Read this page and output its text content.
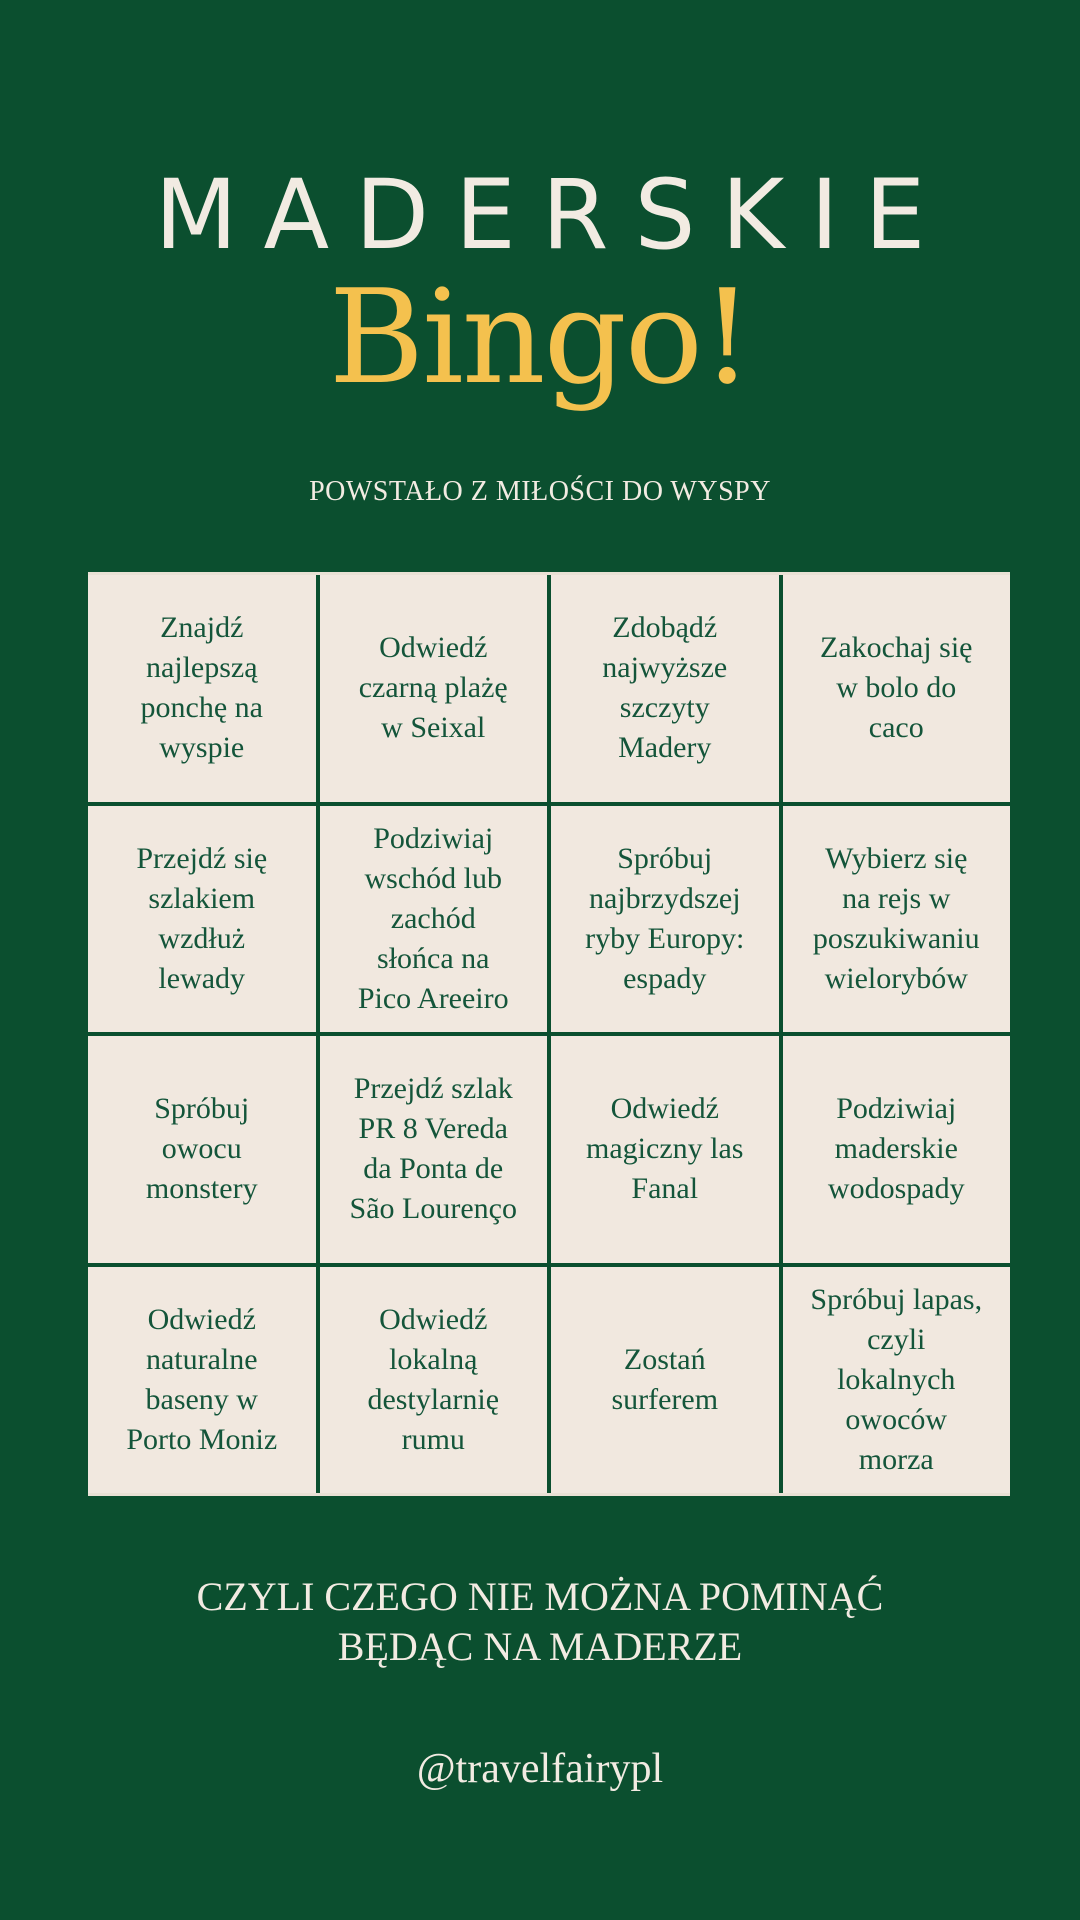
MADERSKIE
Bingo!
POWSTAŁO Z MIŁOŚCI DO WYSPY
Znajdź
najlepszą
ponchę na
wyspie
Odwiedź
czarną plażę
w Seixal
Zdobądź
najwyższe
szczyty
Madery
Zakochaj się
w bolo do
caco
Przejdź się
szlakiem
wzdłuż
lewady
Podziwiaj
wschód lub
zachód
słońca na
Pico Areeiro
Spróbuj
najbrzydszej
ryby Europy:
espady
Wybierz się
na rejs w
poszukiwaniu
wielorybów
Spróbuj
owocu
monstery
Przejdź szlak
PR 8 Vereda
da Ponta de
São Lourenço
Odwiedź
magiczny las
Fanal
Podziwiaj
maderskie
wodospady
Odwiedź
naturalne
baseny w
Porto Moniz
Odwiedź
lokalną
destylarnię
rumu
Zostań
surferem
Spróbuj lapas,
czyli
lokalnych
owoców
morza
CZYLI CZEGO NIE MOŻNA POMINĄĆ
BĘDĄC NA MADERZE
@travelfairypl
